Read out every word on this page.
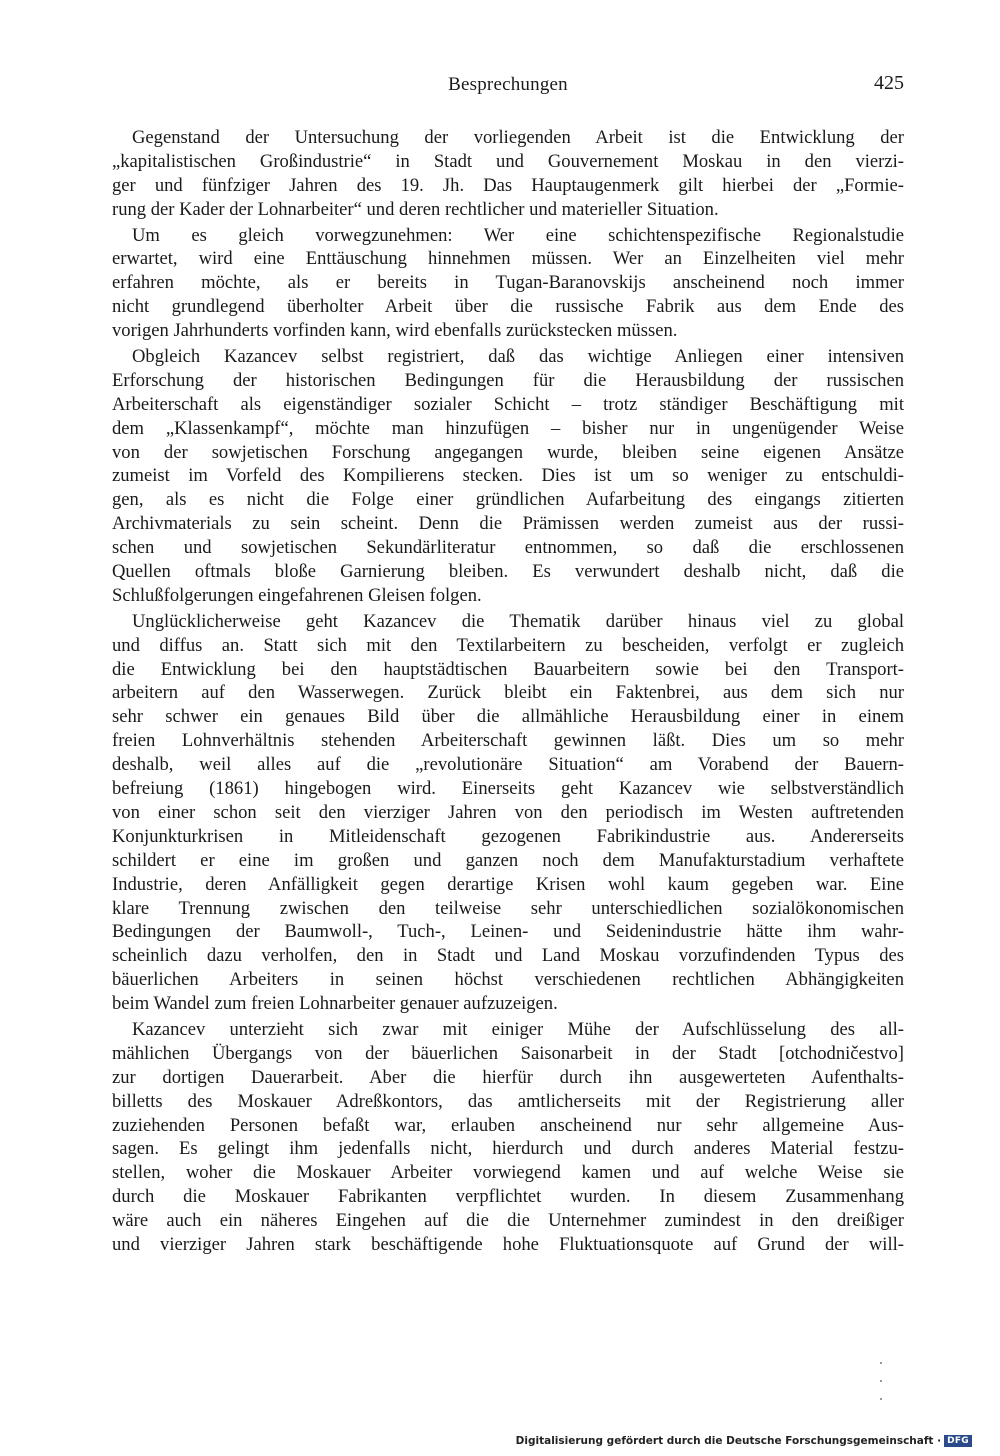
Besprechungen	425
Gegenstand der Untersuchung der vorliegenden Arbeit ist die Entwicklung der
„kapitalistischen Großindustrie“ in Stadt und Gouvernement Moskau in den vierzi-
ger und fünfziger Jahren des 19. Jh. Das Hauptaugenmerk gilt hierbei der „Formie-
rung der Kader der Lohnarbeiter“ und deren rechtlicher und materieller Situation.
Um es gleich vorwegzunehmen: Wer eine schichtenspezifische Regionalstudie
erwartet, wird eine Enttäuschung hinnehmen müssen. Wer an Einzelheiten viel mehr
erfahren möchte, als er bereits in Tugan-Baranovskijs anscheinend noch immer
nicht grundlegend überholter Arbeit über die russische Fabrik aus dem Ende des
vorigen Jahrhunderts vorfinden kann, wird ebenfalls zurückstecken müssen.
Obgleich Kazancev selbst registriert, daß das wichtige Anliegen einer intensiven
Erforschung der historischen Bedingungen für die Herausbildung der russischen
Arbeiterschaft als eigenständiger sozialer Schicht – trotz ständiger Beschäftigung mit
dem „Klassenkampf“, möchte man hinzufügen – bisher nur in ungenügender Weise
von der sowjetischen Forschung angegangen wurde, bleiben seine eigenen Ansätze
zumeist im Vorfeld des Kompilierens stecken. Dies ist um so weniger zu entschuldi-
gen, als es nicht die Folge einer gründlichen Aufarbeitung des eingangs zitierten
Archivmaterials zu sein scheint. Denn die Prämissen werden zumeist aus der russi-
schen und sowjetischen Sekundärliteratur entnommen, so daß die erschlossenen
Quellen oftmals bloße Garnierung bleiben. Es verwundert deshalb nicht, daß die
Schlußfolgerungen eingefahrenen Gleisen folgen.
Unglücklicherweise geht Kazancev die Thematik darüber hinaus viel zu global
und diffus an. Statt sich mit den Textilarbeitern zu bescheiden, verfolgt er zugleich
die Entwicklung bei den hauptstädtischen Bauarbeitern sowie bei den Transport-
arbeitern auf den Wasserwegen. Zurück bleibt ein Faktenbrei, aus dem sich nur
sehr schwer ein genaues Bild über die allmähliche Herausbildung einer in einem
freien Lohnverhältnis stehenden Arbeiterschaft gewinnen läßt. Dies um so mehr
deshalb, weil alles auf die „revolutionäre Situation“ am Vorabend der Bauern-
befreiung (1861) hingebogen wird. Einerseits geht Kazancev wie selbstverständlich
von einer schon seit den vierziger Jahren von den periodisch im Westen auftretenden
Konjunkturkrisen in Mitleidenschaft gezogenen Fabrikindustrie aus. Andererseits
schildert er eine im großen und ganzen noch dem Manufakturstadium verhaftete
Industrie, deren Anfälligkeit gegen derartige Krisen wohl kaum gegeben war. Eine
klare Trennung zwischen den teilweise sehr unterschiedlichen sozialökonomischen
Bedingungen der Baumwoll-, Tuch-, Leinen- und Seidenindustrie hätte ihm wahr-
scheinlich dazu verholfen, den in Stadt und Land Moskau vorzufindenden Typus des
bäuerlichen Arbeiters in seinen höchst verschiedenen rechtlichen Abhängigkeiten
beim Wandel zum freien Lohnarbeiter genauer aufzuzeigen.
Kazancev unterzieht sich zwar mit einiger Mühe der Aufschlüsselung des all-
mählichen Übergangs von der bäuerlichen Saisonarbeit in der Stadt [otchodničestvo]
zur dortigen Dauerarbeit. Aber die hierfür durch ihn ausgewerteten Aufenthalts-
billetts des Moskauer Adreßkontors, das amtlicherseits mit der Registrierung aller
zuziehenden Personen befaßt war, erlauben anscheinend nur sehr allgemeine Aus-
sagen. Es gelingt ihm jedenfalls nicht, hierdurch und durch anderes Material festzu-
stellen, woher die Moskauer Arbeiter vorwiegend kamen und auf welche Weise sie
durch die Moskauer Fabrikanten verpflichtet wurden. In diesem Zusammenhang
wäre auch ein näheres Eingehen auf die die Unternehmer zumindest in den dreißiger
und vierziger Jahren stark beschäftigende hohe Fluktuationsquote auf Grund der will-
Digitalisierung gefördert durch die Deutsche Forschungsgemeinschaft · DFG
